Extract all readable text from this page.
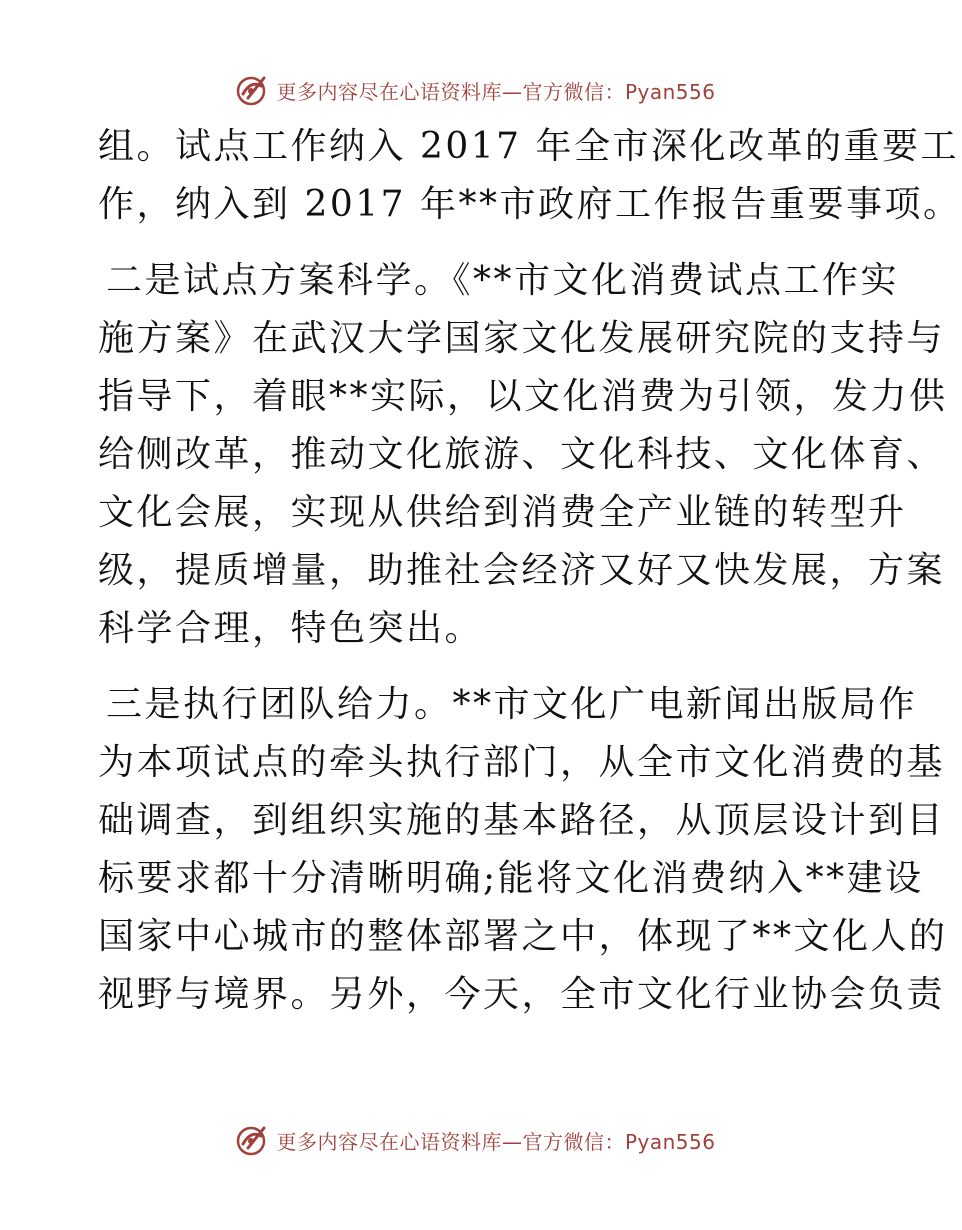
更多内容尽在心语资料库—官方微信：Pyan556
组。试点工作纳入 2017 年全市深化改革的重要工
作，纳入到 2017 年**市政府工作报告重要事项。
二是试点方案科学。《**市文化消费试点工作实
施方案》在武汉大学国家文化发展研究院的支持与
指导下，着眼**实际，以文化消费为引领，发力供
给侧改革，推动文化旅游、文化科技、文化体育、
文化会展，实现从供给到消费全产业链的转型升
级，提质增量，助推社会经济又好又快发展，方案
科学合理，特色突出。
三是执行团队给力。**市文化广电新闻出版局作
为本项试点的牵头执行部门，从全市文化消费的基
础调查，到组织实施的基本路径，从顶层设计到目
标要求都十分清晰明确;能将文化消费纳入**建设
国家中心城市的整体部署之中，体现了**文化人的
视野与境界。另外，今天，全市文化行业协会负责
更多内容尽在心语资料库—官方微信：Pyan556
